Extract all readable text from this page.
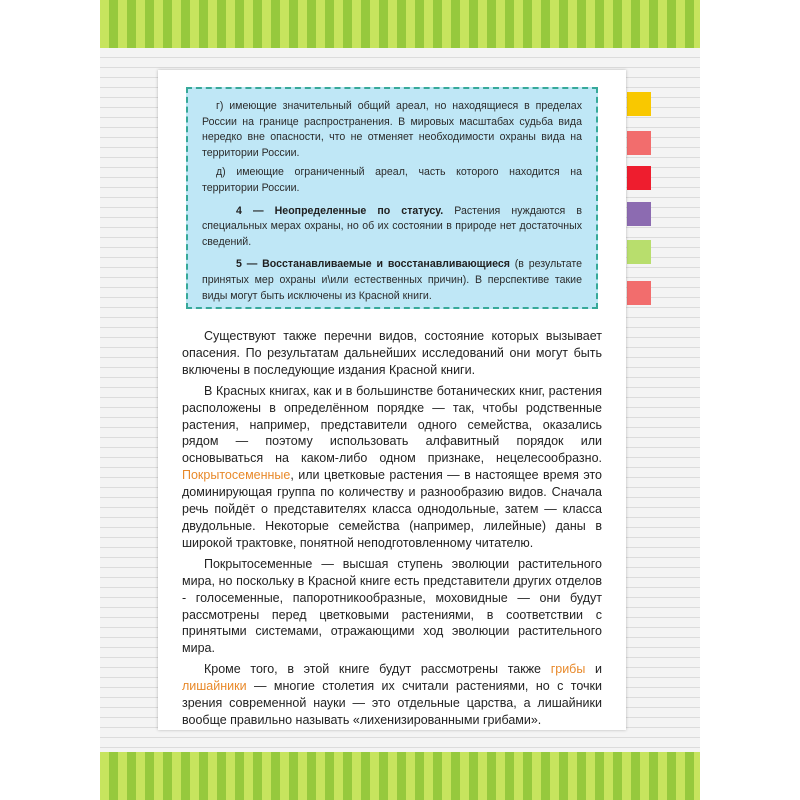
г) имеющие значительный общий ареал, но находящиеся в пределах России на границе распространения. В мировых масштабах судьба вида нередко вне опасности, что не отменяет необходимости охраны вида на территории России.

д) имеющие ограниченный ареал, часть которого находится на территории России.

4 — Неопределенные по статусу. Растения нуждаются в специальных мерах охраны, но об их состоянии в природе нет достаточных сведений.

5 — Восстанавливаемые и восстанавливающиеся (в результате принятых мер охраны и\или естественных причин). В перспективе такие виды могут быть исключены из Красной книги.

Существуют также перечни видов, состояние которых вызывает опасения. По результатам дальнейших исследований они могут быть включены в последующие издания Красной книги.

В Красных книгах, как и в большинстве ботанических книг, растения расположены в определённом порядке — так, чтобы родственные растения, например, представители одного семейства, оказались рядом — поэтому использовать алфавитный порядок или основываться на каком-либо одном признаке, нецелесообразно. Покрытосеменные, или цветковые растения — в настоящее время это доминирующая группа по количеству и разнообразию видов. Сначала речь пойдёт о представителях класса однодольные, затем — класса двудольные. Некоторые семейства (например, лилейные) даны в широкой трактовке, понятной неподготовленному читателю.

Покрытосеменные — высшая ступень эволюции растительного мира, но поскольку в Красной книге есть представители других отделов - голосеменные, папоротникообразные, моховидные — они будут рассмотрены перед цветковыми растениями, в соответствии с принятыми системами, отражающими ход эволюции растительного мира.

Кроме того, в этой книге будут рассмотрены также грибы и лишайники — многие столетия их считали растениями, но с точки зрения современной науки — это отдельные царства, а лишайники вообще правильно называть «лихенизированными грибами».
